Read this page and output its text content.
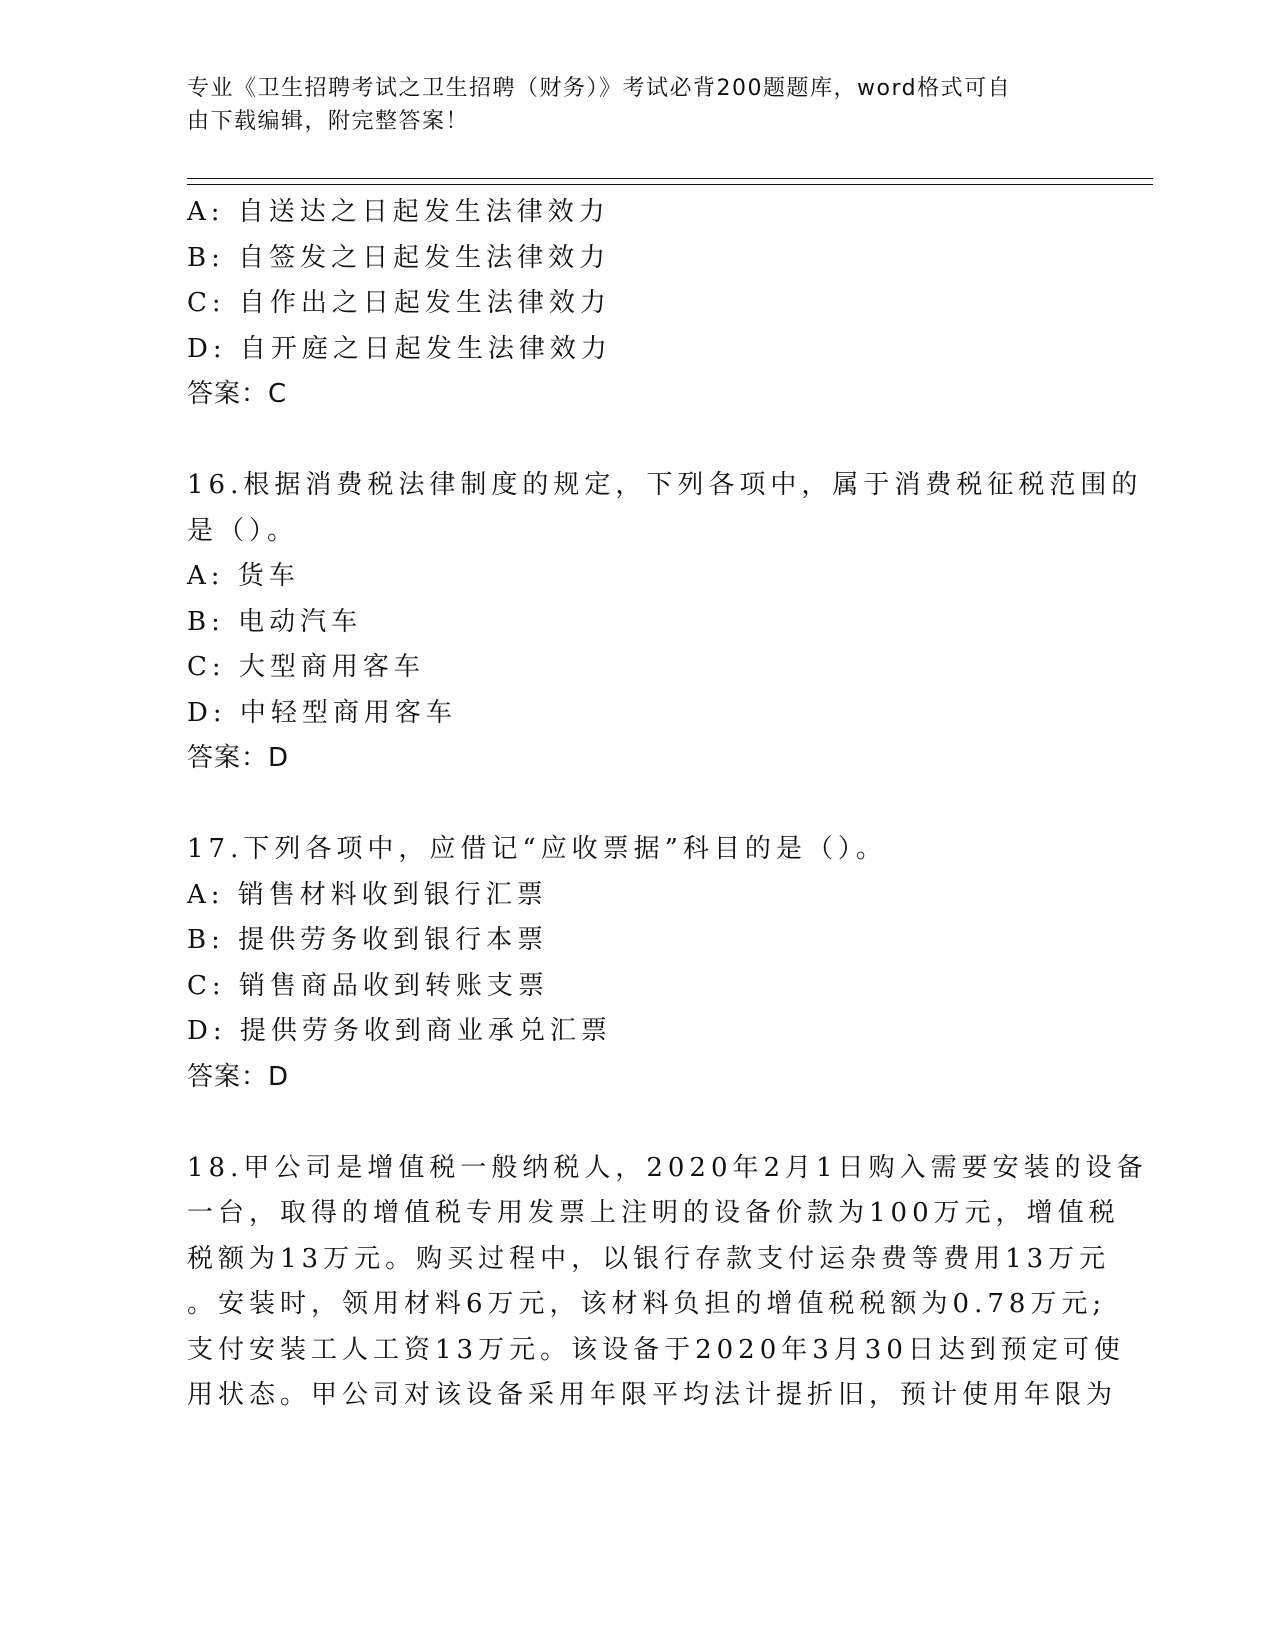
专业《卫生招聘考试之卫生招聘（财务）》考试必背200题题库，word格式可自
由下载编辑，附完整答案！
A: 自送达之日起发生法律效力
B: 自签发之日起发生法律效力
C: 自作出之日起发生法律效力
D: 自开庭之日起发生法律效力
答案：C
16.根据消费税法律制度的规定，下列各项中，属于消费税征税范围的
是（）。
A: 货车
B: 电动汽车
C: 大型商用客车
D: 中轻型商用客车
答案：D
17.下列各项中，应借记“应收票据”科目的是（）。
A: 销售材料收到银行汇票
B: 提供劳务收到银行本票
C: 销售商品收到转账支票
D: 提供劳务收到商业承兑汇票
答案：D
18.甲公司是增值税一般纳税人，2020年2月1日购入需要安装的设备
一台，取得的增值税专用发票上注明的设备价款为100万元，增值税
税额为13万元。购买过程中，以银行存款支付运杂费等费用13万元
。安装时，领用材料6万元，该材料负担的增值税税额为0.78万元;
支付安装工人工资13万元。该设备于2020年3月30日达到预定可使
用状态。甲公司对该设备采用年限平均法计提折旧，预计使用年限为
